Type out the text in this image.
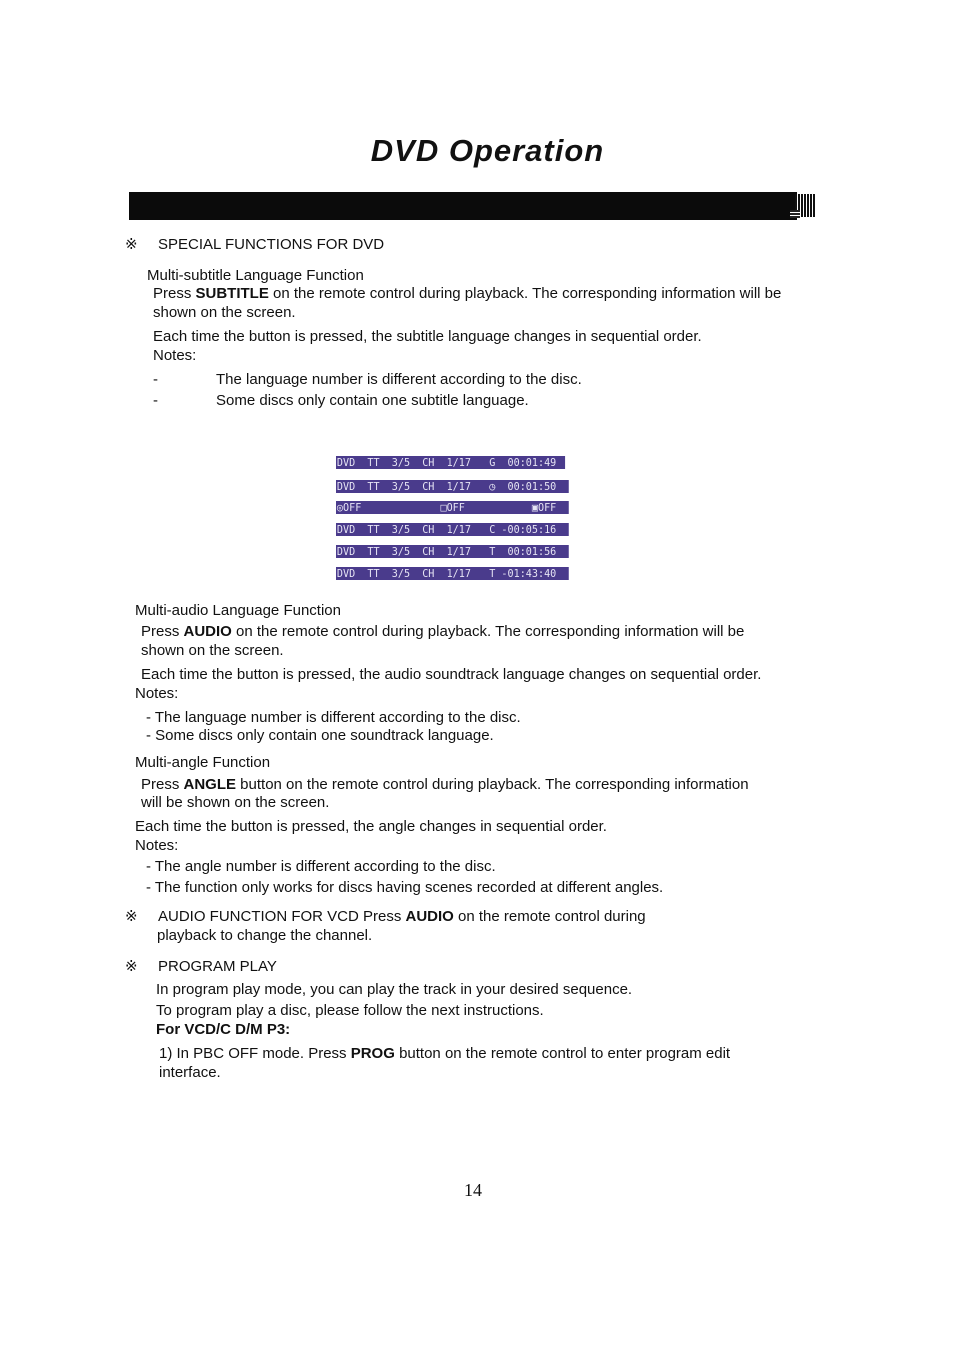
DVD Operation
※ SPECIAL FUNCTIONS FOR DVD
Multi-subtitle Language Function
Press SUBTITLE on the remote control during playback. The corresponding information will be
shown on the screen.
Each time the button is pressed, the subtitle language changes in sequential order.
Notes:
-	The language number is different according to the disc.
-	Some discs only contain one subtitle language.
DVD  TT  3/5  CH  1/17   G  00:01:49
DVD  TT  3/5  CH  1/17   ◷  00:01:50
◎OFF             □OFF           ▣OFF
DVD  TT  3/5  CH  1/17   C -00:05:16
DVD  TT  3/5  CH  1/17   T  00:01:56
DVD  TT  3/5  CH  1/17   T -01:43:40
Multi-audio Language Function
Press AUDIO on the remote control during playback. The corresponding information will be
shown on the screen.
Each time the button is pressed, the audio soundtrack language changes on sequential order.
Notes:
- The language number is different according to the disc.
- Some discs only contain one soundtrack language.
Multi-angle Function
Press ANGLE button on the remote control during playback. The corresponding information
will be shown on the screen.
Each time the button is pressed, the angle changes in sequential order.
Notes:
- The angle number is different according to the disc.
- The function only works for discs having scenes recorded at different angles.
※ AUDIO FUNCTION FOR VCD Press AUDIO on the remote control during
playback to change the channel.
※ PROGRAM PLAY
In program play mode, you can play the track in your desired sequence.
To program play a disc, please follow the next instructions.
For VCD/C D/M P3:
1) In PBC OFF mode. Press PROG button on the remote control to enter program edit
interface.
14
